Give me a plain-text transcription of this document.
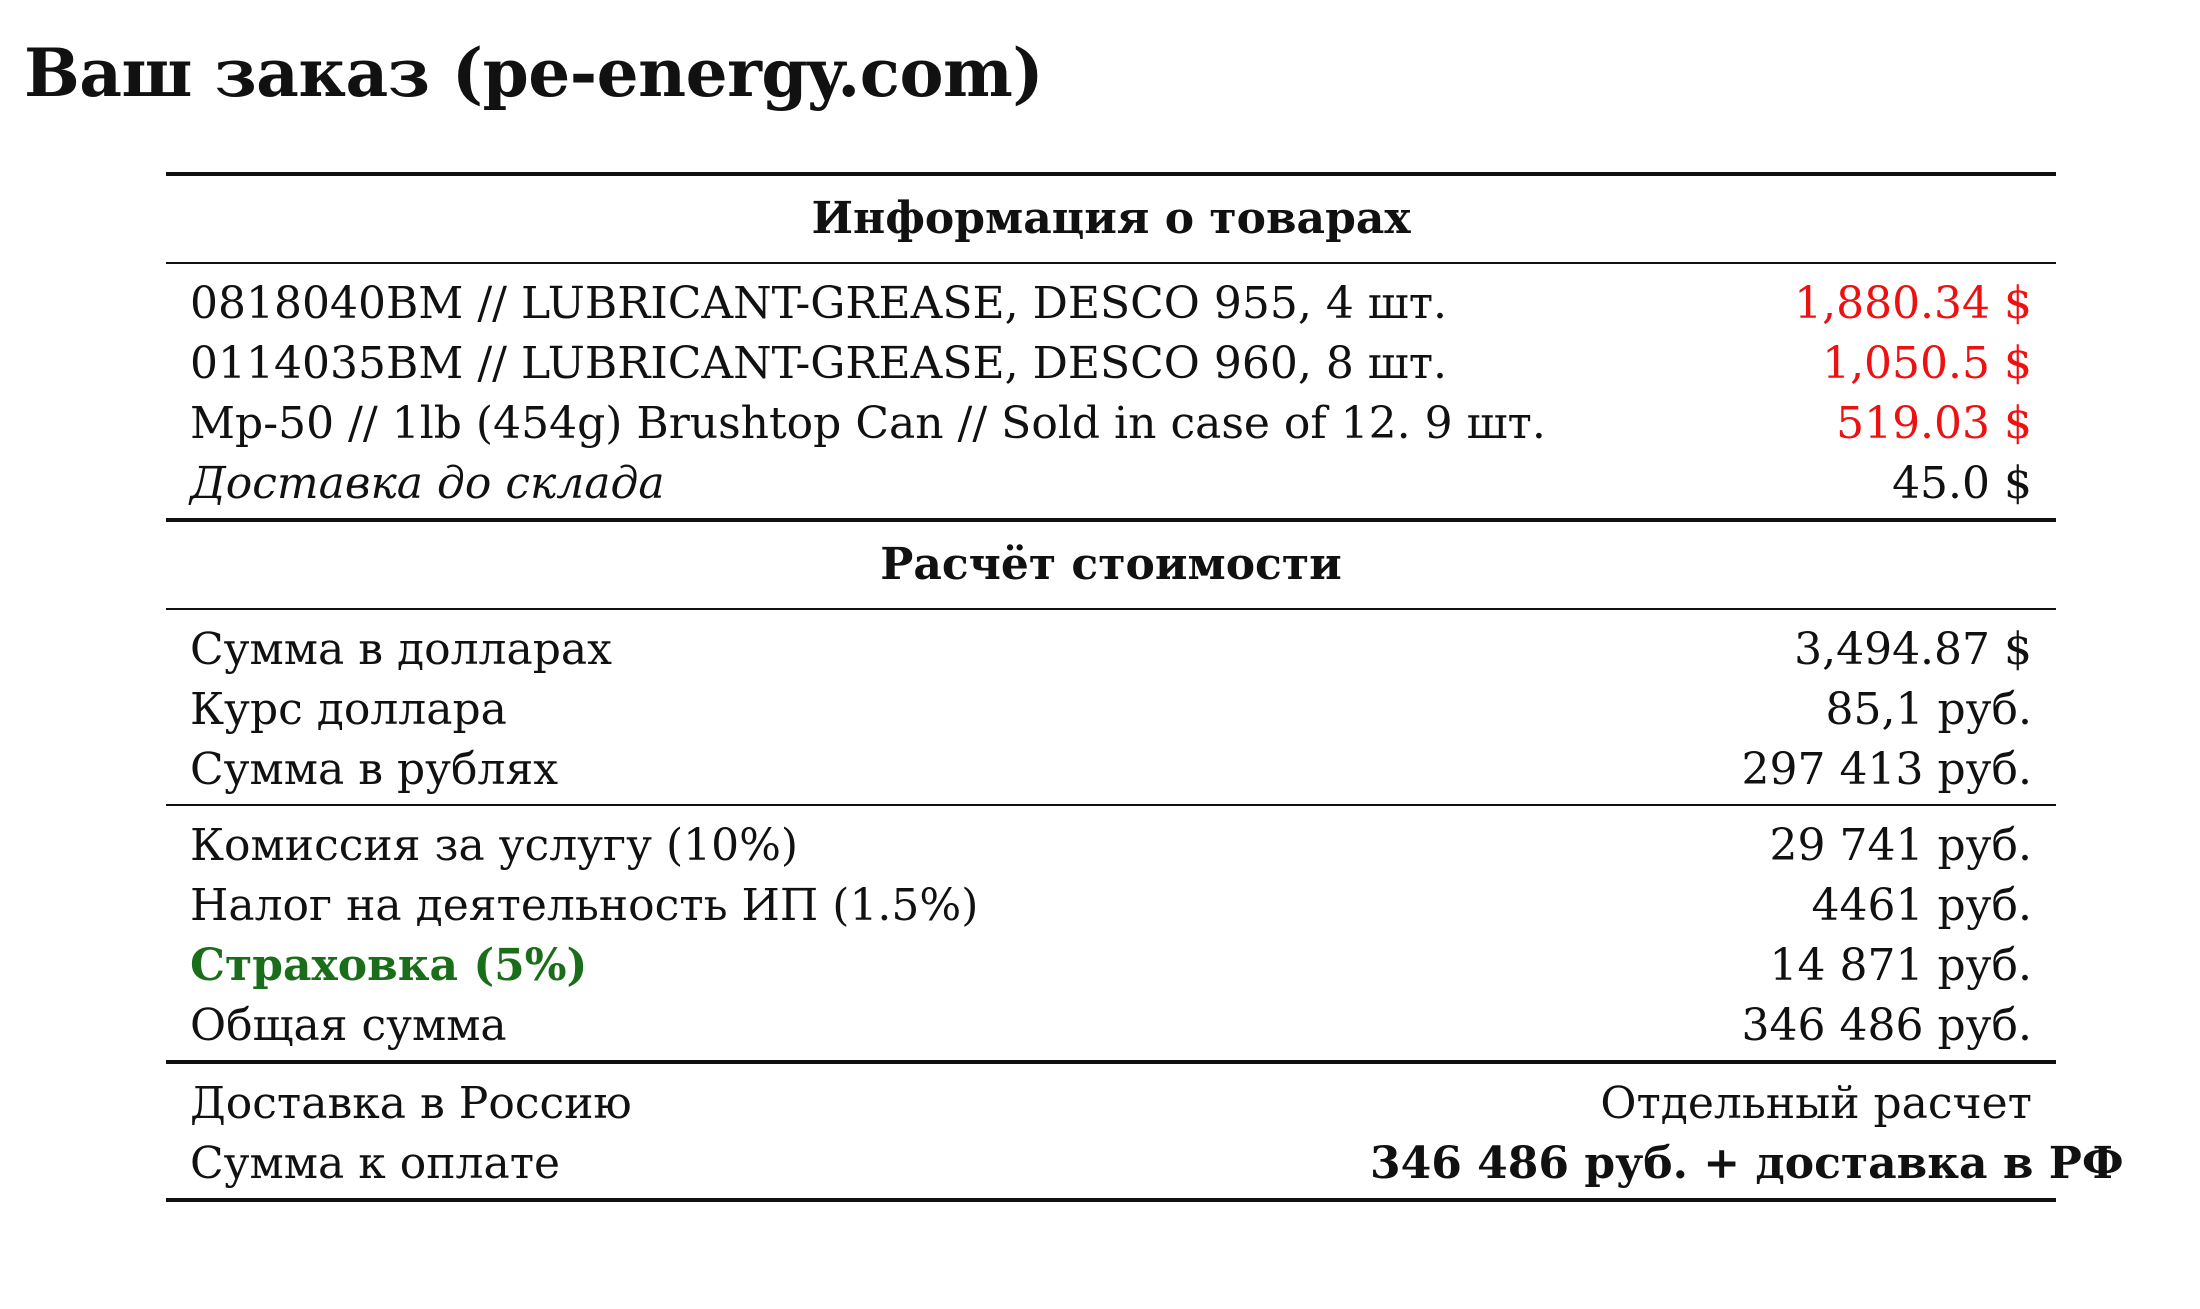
Ваш заказ (pe-energy.com)
Информация о товарах	
0818040BM // LUBRICANT-GREASE, DESCO 955, 4 шт.	1,880.34 $
0114035BM // LUBRICANT-GREASE, DESCO 960, 8 шт.	1,050.5 $
Mp-50 // 1lb (454g) Brushtop Can // Sold in case of 12. 9 шт.	519.03 $
Доставка до склада	45.0 $
Расчёт стоимости	
Сумма в долларах	3,494.87 $
Курс доллара	85,1 руб.
Сумма в рублях	297 413 руб.
Комиссия за услугу (10%)	29 741 руб.
Налог на деятельность ИП (1.5%)	4461 руб.
Страховка (5%)	14 871 руб.
Общая сумма	346 486 руб.
Доставка в Россию	Отдельный расчет
Сумма к оплате	346 486 руб. + доставка в РФ
